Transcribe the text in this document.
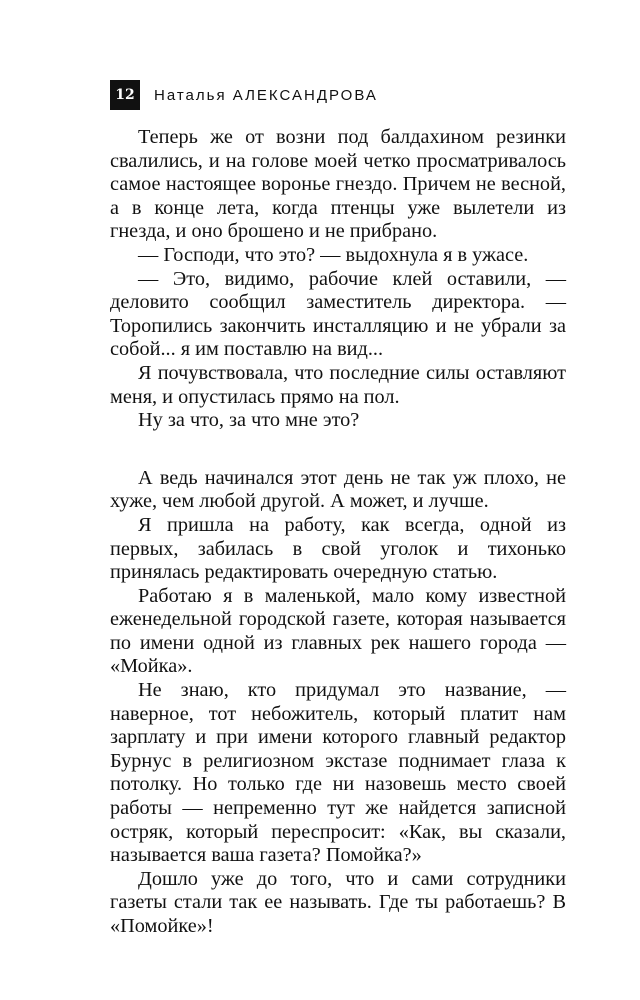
12	Наталья АЛЕКСАНДРОВА

Теперь же от возни под балдахином резинки свалились, и на голове моей четко просматривалось самое настоящее воронье гнездо. Причем не весной, а в конце лета, когда птенцы уже вылетели из гнезда, и оно брошено и не прибрано.

— Господи, что это? — выдохнула я в ужасе.

— Это, видимо, рабочие клей оставили, — деловито сообщил заместитель директора. — Торопились закончить инсталляцию и не убрали за собой... я им поставлю на вид...

Я почувствовала, что последние силы оставляют меня, и опустилась прямо на пол.

Ну за что, за что мне это?

А ведь начинался этот день не так уж плохо, не хуже, чем любой другой. А может, и лучше.

Я пришла на работу, как всегда, одной из первых, забилась в свой уголок и тихонько принялась редактировать очередную статью.

Работаю я в маленькой, мало кому известной еженедельной городской газете, которая называется по имени одной из главных рек нашего города — «Мойка».

Не знаю, кто придумал это название, — наверное, тот небожитель, который платит нам зарплату и при имени которого главный редактор Бурнус в религиозном экстазе поднимает глаза к потолку. Но только где ни назовешь место своей работы — непременно тут же найдется записной остряк, который переспросит: «Как, вы сказали, называется ваша газета? Помойка?»

Дошло уже до того, что и сами сотрудники газеты стали так ее называть. Где ты работаешь? В «Помойке»!
